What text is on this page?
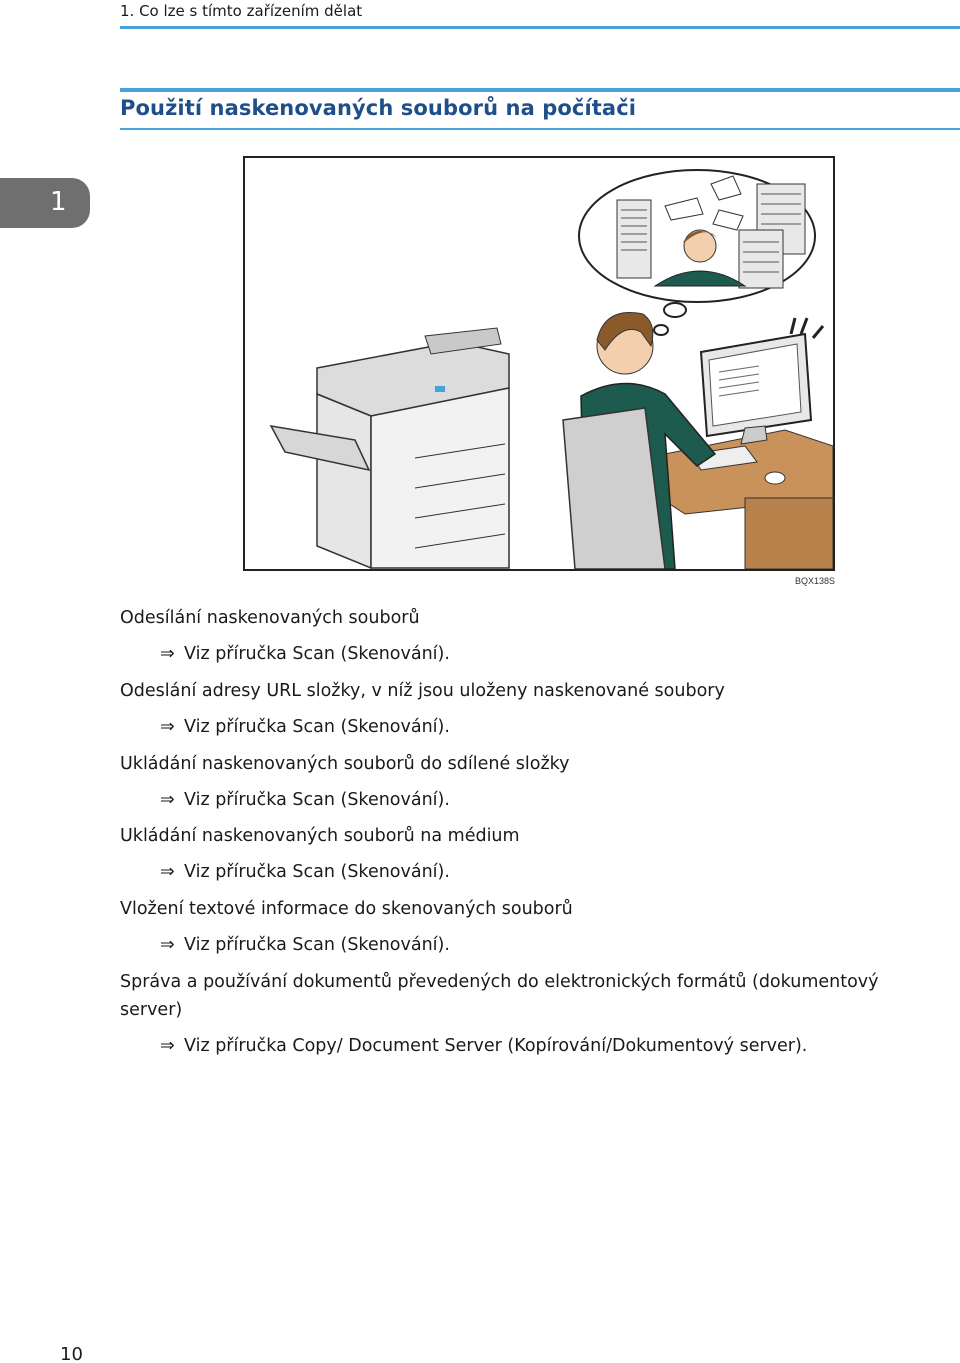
1. Co lze s tímto zařízením dělat
Použití naskenovaných souborů na počítači
1
BQX138S
Odesílání naskenovaných souborů
⇒ Viz příručka Scan (Skenování).
Odeslání adresy URL složky, v níž jsou uloženy naskenované soubory
⇒ Viz příručka Scan (Skenování).
Ukládání naskenovaných souborů do sdílené složky
⇒ Viz příručka Scan (Skenování).
Ukládání naskenovaných souborů na médium
⇒ Viz příručka Scan (Skenování).
Vložení textové informace do skenovaných souborů
⇒ Viz příručka Scan (Skenování).
Správa a používání dokumentů převedených do elektronických formátů (dokumentový server)
⇒ Viz příručka Copy/ Document Server (Kopírování/Dokumentový server).
10
